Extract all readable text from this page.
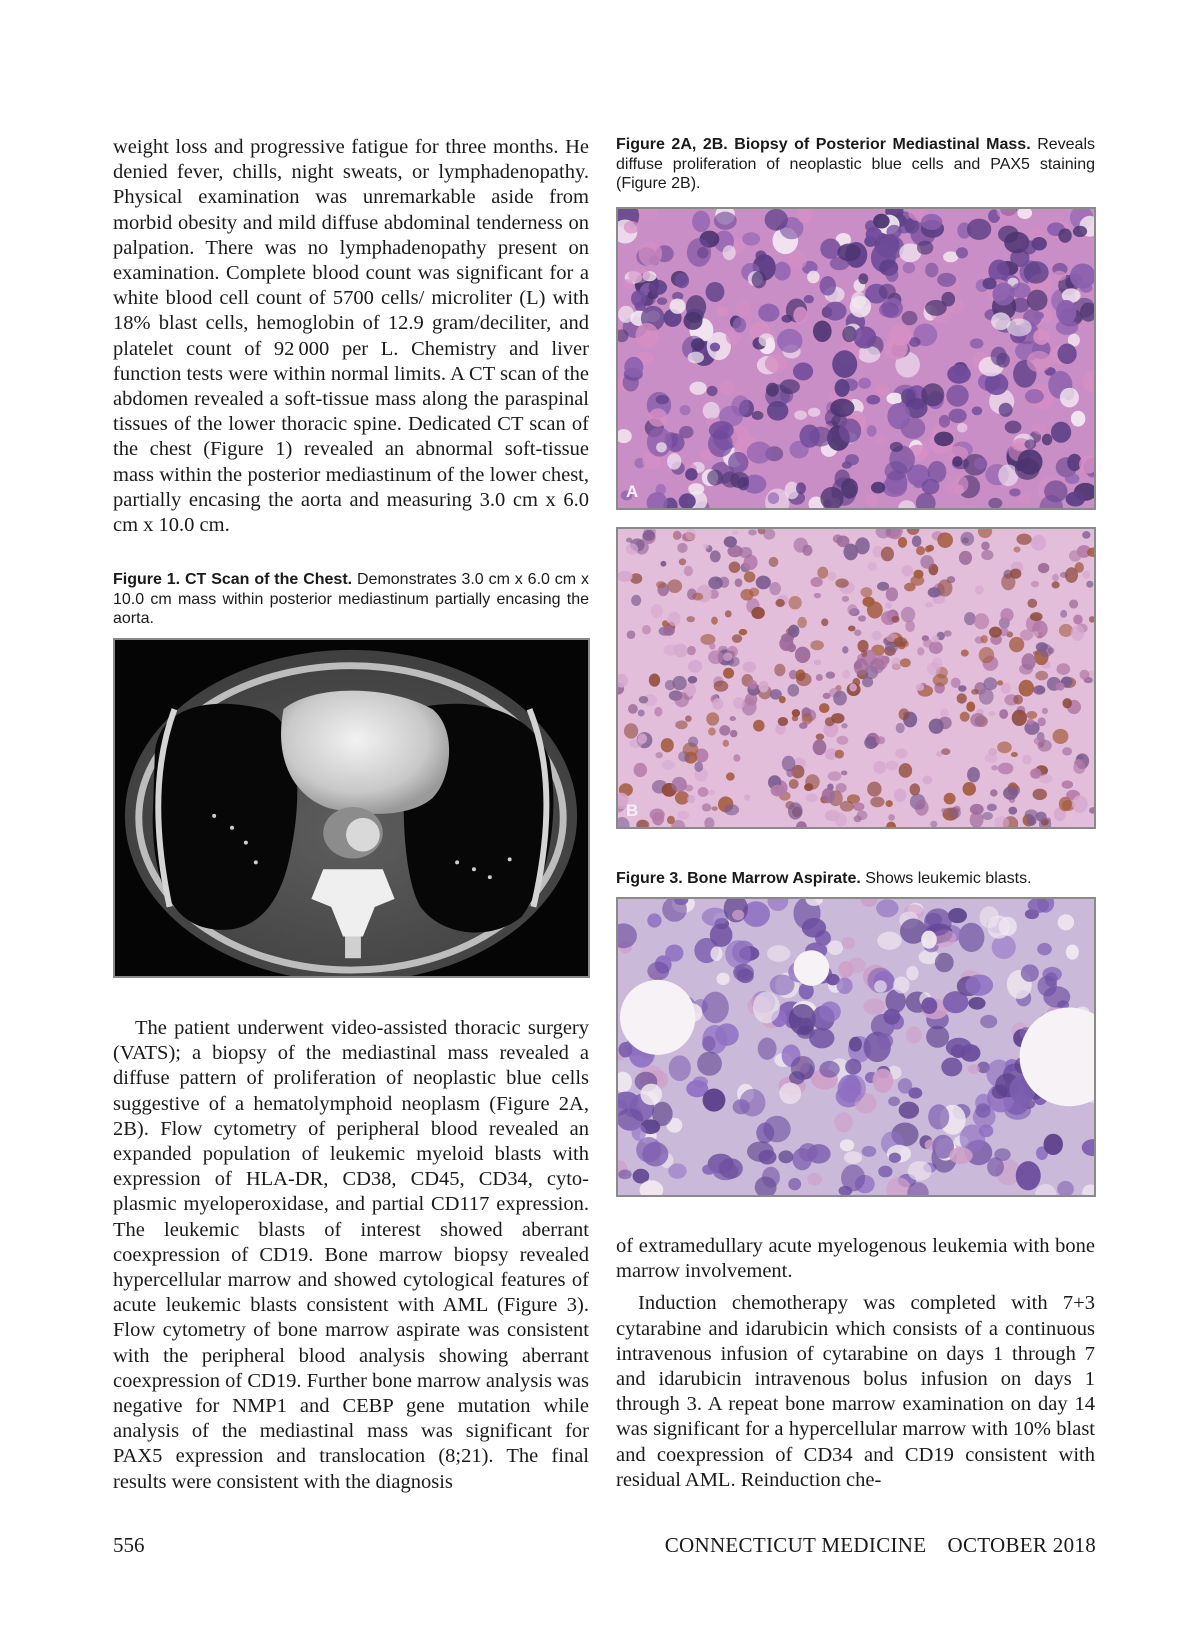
weight loss and progressive fatigue for three months. He denied fever, chills, night sweats, or lymphadenopathy. Physical examination was unremarkable aside from morbid obesity and mild diffuse abdominal tenderness on palpation. There was no lymphadenopathy present on examination. Complete blood count was significant for a white blood cell count of 5700 cells/ microliter (L) with 18% blast cells, hemoglobin of 12.9 gram/deciliter, and platelet count of 92 000 per L. Chemistry and liver function tests were within normal limits. A CT scan of the abdomen revealed a soft-tissue mass along the paraspinal tissues of the lower thoracic spine. Dedicated CT scan of the chest (Figure 1) revealed an abnormal soft-tissue mass within the posterior mediastinum of the lower chest, partially encasing the aorta and measuring 3.0 cm x 6.0 cm x 10.0 cm.

Figure 1. CT Scan of the Chest. Demonstrates 3.0 cm x 6.0 cm x 10.0 cm mass within posterior mediastinum partially encasing the aorta.

The patient underwent video-assisted thoracic surgery (VATS); a biopsy of the mediastinal mass revealed a diffuse pattern of proliferation of neoplastic blue cells suggestive of a hematolymphoid neoplasm (Figure 2A, 2B). Flow cytometry of peripheral blood revealed an expanded population of leukemic myeloid blasts with expression of HLA-DR, CD38, CD45, CD34, cytoplasmic myeloperoxidase, and partial CD117 expression. The leukemic blasts of interest showed aberrant coexpression of CD19. Bone marrow biopsy revealed hypercellular marrow and showed cytological features of acute leukemic blasts consistent with AML (Figure 3). Flow cytometry of bone marrow aspirate was consistent with the peripheral blood analysis showing aberrant coexpression of CD19. Further bone marrow analysis was negative for NMP1 and CEBP gene mutation while analysis of the mediastinal mass was significant for PAX5 expression and translocation (8;21). The final results were consistent with the diagnosis

Figure 2A, 2B. Biopsy of Posterior Mediastinal Mass. Reveals diffuse proliferation of neoplastic blue cells and PAX5 staining (Figure 2B).
A
B
Figure 3. Bone Marrow Aspirate. Shows leukemic blasts.

of extramedullary acute myelogenous leukemia with bone marrow involvement.

Induction chemotherapy was completed with 7+3 cytarabine and idarubicin which consists of a continuous intravenous infusion of cytarabine on days 1 through 7 and idarubicin intravenous bolus infusion on days 1 through 3. A repeat bone marrow examination on day 14 was significant for a hypercellular marrow with 10% blast and coexpression of CD34 and CD19 consistent with residual AML. Reinduction che-

556	CONNECTICUT MEDICINE OCTOBER 2018
